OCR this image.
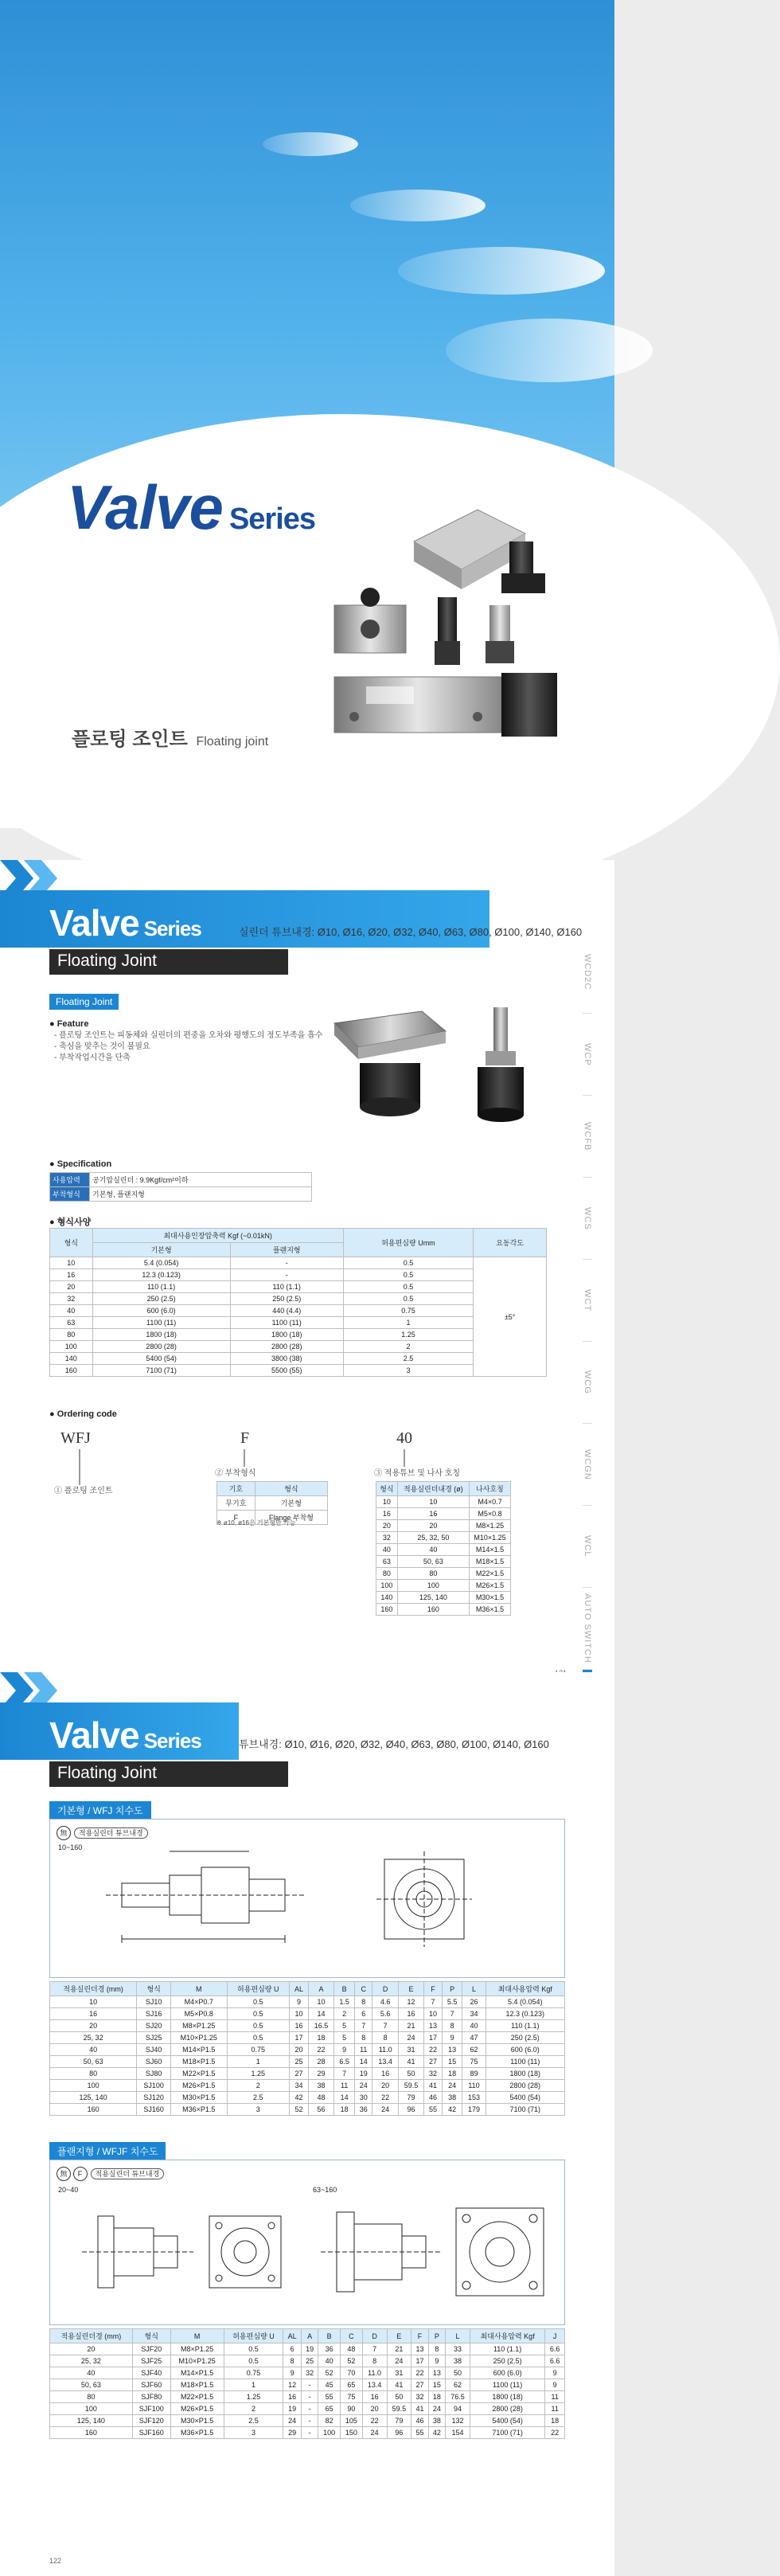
Valve Series
플로팅 조인트 Floating joint
Valve Series
Floating Joint
실린더 튜브내경: Ø10, Ø16, Ø20, Ø32, Ø40, Ø63, Ø80, Ø100, Ø140, Ø160
WCD2C
WCP
WCFB
WCS
WCT
WCG
WCGN
WCL
AUTO SWITCH
Floating Joint
● Feature
- 플로팅 조인트는 피동체와 실린더의 편중을 오차와 평행도의 정도부족을 흡수
- 축심을 맞추는 것이 불필요
- 부착작업시간을 단축
● Specification
사용압력	공기압실린더 : 9.9Kgf/cm²이하
부착형식	기본형, 플랜지형
● 형식사양
형식	최대사용인장압축력 Kgf (~0.01kN)		허용편심량 Umm	요동각도
	기본형	플랜지형		
10	5.4 (0.054)	-	0.5	±5°
16	12.3 (0.123)	-	0.5	
20	110 (1.1)	110 (1.1)	0.5	
32	250 (2.5)	250 (2.5)	0.5	
40	600 (6.0)	440 (4.4)	0.75	
63	1100 (11)	1100 (11)	1	
80	1800 (18)	1800 (18)	1.25	
100	2800 (28)	2800 (28)	2	
140	5400 (54)	3800 (38)	2.5	
160	7100 (71)	5500 (55)	3	
● Ordering code
WFJ	F	40
① 플로팅 조인트
② 부착형식	③ 적용튜브 및 나사 호칭
기호	형식
무기호	기본형
F	Flange 부착형
※ ø10, ø16은 기본형만 가능
형식	적용실린더내경 (ø)	나사호칭
10	10	M4×0.7
16	16	M5×0.8
20	20	M8×1.25
32	25, 32, 50	M10×1.25
40	40	M14×1.5
63	50, 63	M18×1.5
80	80	M22×1.5
100	100	M26×1.5
140	125, 140	M30×1.5
160	160	M36×1.5
Valve Series
Floating Joint
튜브내경: Ø10, Ø16, Ø20, Ø32, Ø40, Ø63, Ø80, Ø100, Ø140, Ø160
기본형 / WFJ 치수도
無 적용실린더 튜브내경
10~160
적용실린더경 (mm)	형식	M	허용편심량 U	AL	A	B	C	D	E	F	P	L	최대사용압력 Kgf
10	SJ10	M4×P0.7	0.5	9	10	1.5	8	4.6	12	7	5.5	26	5.4 (0.054)
16	SJ16	M5×P0.8	0.5	10	14	2	6	5.6	16	10	7	34	12.3 (0.123)
20	SJ20	M8×P1.25	0.5	16	16.5	5	7	7	21	13	8	40	110 (1.1)
25, 32	SJ25	M10×P1.25	0.5	17	18	5	8	8	24	17	9	47	250 (2.5)
40	SJ40	M14×P1.5	0.75	20	22	9	11	11.0	31	22	13	62	600 (6.0)
50, 63	SJ60	M18×P1.5	1	25	28	6.5	14	13.4	41	27	15	75	1100 (11)
80	SJ80	M22×P1.5	1.25	27	29	7	19	16	50	32	18	89	1800 (18)
100	SJ100	M26×P1.5	2	34	38	11	24	20	59.5	41	24	110	2800 (28)
125, 140	SJ120	M30×P1.5	2.5	42	48	14	30	22	79	46	38	153	5400 (54)
160	SJ160	M36×P1.5	3	52	56	18	36	24	96	55	42	179	7100 (71)
플랜지형 / WFJF 치수도
無 F 적용실린더 튜브내경
20~40	63~160
적용실린더경 (mm)	형식	M	허용편심량 U	AL	A	B	C	D	E	F	P	L	최대사용압력 Kgf	J
20	SJF20	M8×P1.25	0.5	6	19	36	48	7	21	13	8	33	110 (1.1)	6.6
25, 32	SJF25	M10×P1.25	0.5	8	25	40	52	8	24	17	9	38	250 (2.5)	6.6
40	SJF40	M14×P1.5	0.75	9	32	52	70	11.0	31	22	13	50	600 (6.0)	9
50, 63	SJF60	M18×P1.5	1	12	-	45	65	13.4	41	27	15	62	1100 (11)	9
80	SJF80	M22×P1.5	1.25	16	-	55	75	16	50	32	18	76.5	1800 (18)	11
100	SJF100	M26×P1.5	2	19	-	65	90	20	59.5	41	24	94	2800 (28)	11
125, 140	SJF120	M30×P1.5	2.5	24	-	82	105	22	79	46	38	132	5400 (54)	18
160	SJF160	M36×P1.5	3	29	-	100	150	24	96	55	42	154	7100 (71)	22
122
